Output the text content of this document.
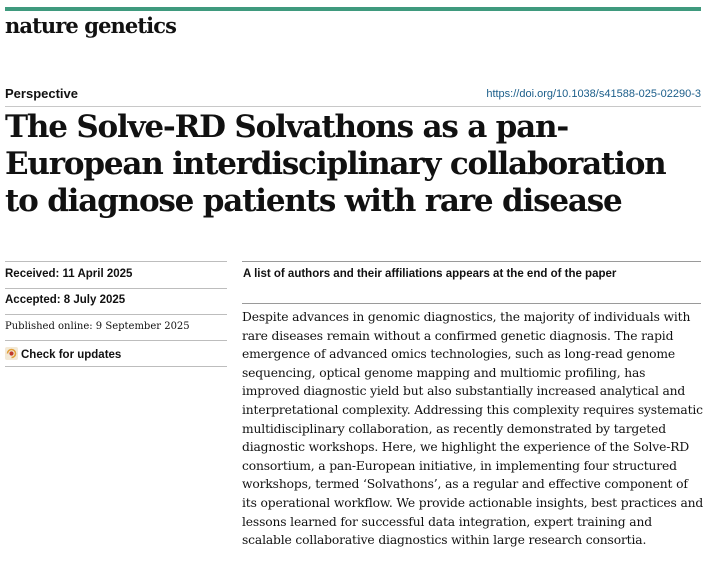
nature genetics
Perspective	https://doi.org/10.1038/s41588-025-02290-3
The Solve-RD Solvathons as a pan-European interdisciplinary collaboration to diagnose patients with rare disease
Received: 11 April 2025
Accepted: 8 July 2025
Published online: 9 September 2025
Check for updates
A list of authors and their affiliations appears at the end of the paper

Despite advances in genomic diagnostics, the majority of individuals with rare diseases remain without a confirmed genetic diagnosis. The rapid emergence of advanced omics technologies, such as long-read genome sequencing, optical genome mapping and multiomic profiling, has improved diagnostic yield but also substantially increased analytical and interpretational complexity. Addressing this complexity requires systematic multidisciplinary collaboration, as recently demonstrated by targeted diagnostic workshops. Here, we highlight the experience of the Solve-RD consortium, a pan-European initiative, in implementing four structured workshops, termed ‘Solvathons’, as a regular and effective component of its operational workflow. We provide actionable insights, best practices and lessons learned for successful data integration, expert training and scalable collaborative diagnostics within large research consortia.
